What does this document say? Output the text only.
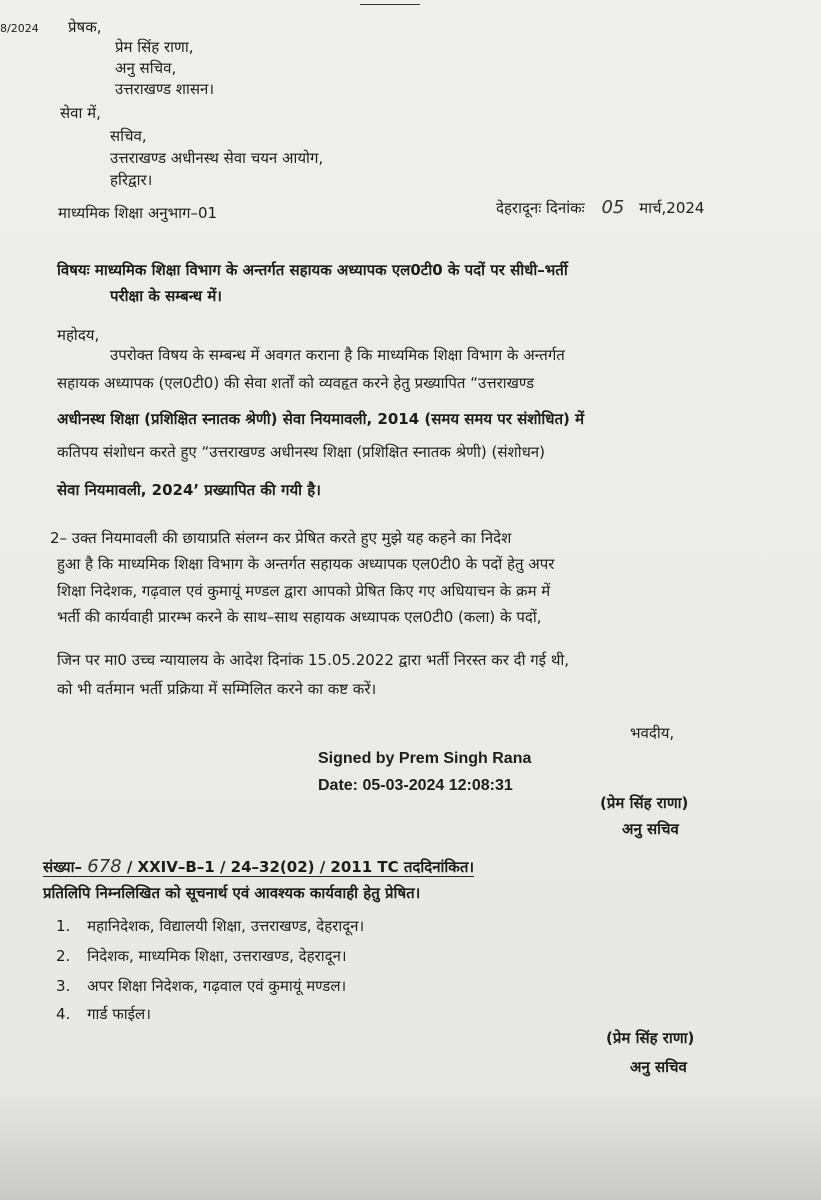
8/2024 प्रेषक,
प्रेम सिंह राणा,
अनु सचिव,
उत्तराखण्ड शासन।
सेवा में,
सचिव,
उत्तराखण्ड अधीनस्थ सेवा चयन आयोग,
हरिद्वार।
माध्यमिक शिक्षा अनुभाग–01	देहरादूनः दिनांकः 05 मार्च,2024
विषयः माध्यमिक शिक्षा विभाग के अन्तर्गत सहायक अध्यापक एल0टी0 के पदों पर सीधी–भर्ती
परीक्षा के सम्बन्ध में।
महोदय,
उपरोक्त विषय के सम्बन्ध में अवगत कराना है कि माध्यमिक शिक्षा विभाग के अन्तर्गत
सहायक अध्यापक (एल0टी0) की सेवा शर्तों को व्यवहृत करने हेतु प्रख्यापित “उत्तराखण्ड
अधीनस्थ शिक्षा (प्रशिक्षित स्नातक श्रेणी) सेवा नियमावली, 2014 (समय समय पर संशोधित) में
कतिपय संशोधन करते हुए “उत्तराखण्ड अधीनस्थ शिक्षा (प्रशिक्षित स्नातक श्रेणी) (संशोधन)
सेवा नियमावली, 2024’ प्रख्यापित की गयी है।
2– उक्त नियमावली की छायाप्रति संलग्न कर प्रेषित करते हुए मुझे यह कहने का निदेश
हुआ है कि माध्यमिक शिक्षा विभाग के अन्तर्गत सहायक अध्यापक एल0टी0 के पदों हेतु अपर
शिक्षा निदेशक, गढ़वाल एवं कुमायूं मण्डल द्वारा आपको प्रेषित किए गए अधियाचन के क्रम में
भर्ती की कार्यवाही प्रारम्भ करने के साथ–साथ सहायक अध्यापक एल0टी0 (कला) के पदों,
जिन पर मा0 उच्च न्यायालय के आदेश दिनांक 15.05.2022 द्वारा भर्ती निरस्त कर दी गई थी,
को भी वर्तमान भर्ती प्रक्रिया में सम्मिलित करने का कष्ट करें।
भवदीय,
Signed by Prem Singh Rana
Date: 05-03-2024 12:08:31
(प्रेम सिंह राणा)
अनु सचिव
संख्या– 678 / XXIV–B–1 / 24–32(02) / 2011 TC तददिनांकित।
प्रतिलिपि निम्नलिखित को सूचनार्थ एवं आवश्यक कार्यवाही हेतु प्रेषित।
1. महानिदेशक, विद्यालयी शिक्षा, उत्तराखण्ड, देहरादून।
2. निदेशक, माध्यमिक शिक्षा, उत्तराखण्ड, देहरादून।
3. अपर शिक्षा निदेशक, गढ़वाल एवं कुमायूं मण्डल।
4. गार्ड फाईल।
(प्रेम सिंह राणा)
अनु सचिव
